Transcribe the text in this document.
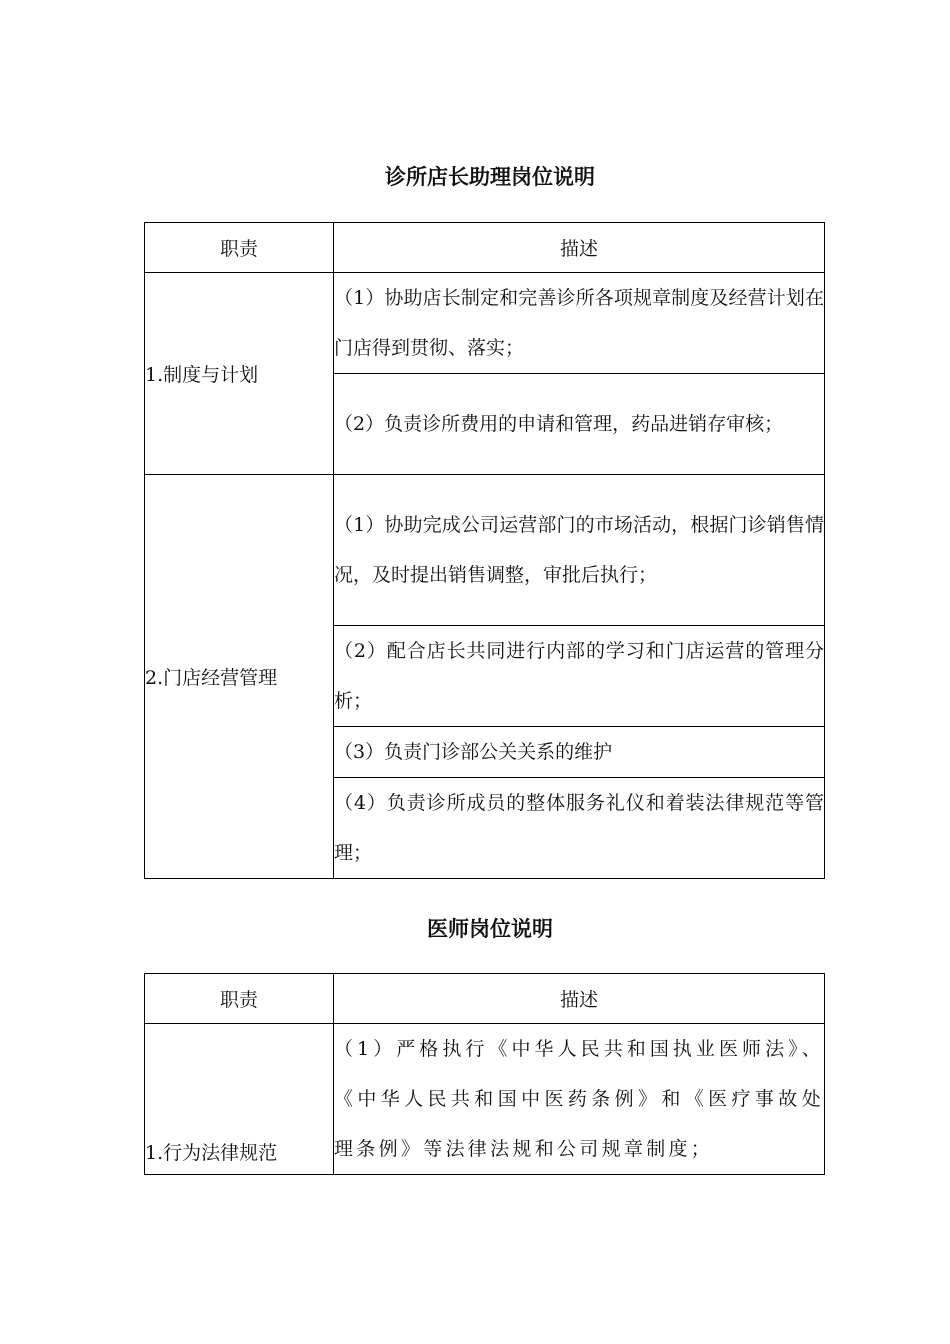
诊所店长助理岗位说明
职责	描述
1.制度与计划	（1）协助店长制定和完善诊所各项规章制度及经营计划在门店得到贯彻、落实；
	（2）负责诊所费用的申请和管理，药品进销存审核；
2.门店经营管理	（1）协助完成公司运营部门的市场活动，根据门诊销售情况，及时提出销售调整，审批后执行；
	（2）配合店长共同进行内部的学习和门店运营的管理分析；
	（3）负责门诊部公关关系的维护
	（4）负责诊所成员的整体服务礼仪和着装法律规范等管理；
医师岗位说明
职责	描述
1.行为法律规范	（1）严格执行《中华人民共和国执业医师法》、《中华人民共和国中医药条例》和《医疗事故处理条例》等法律法规和公司规章制度；
